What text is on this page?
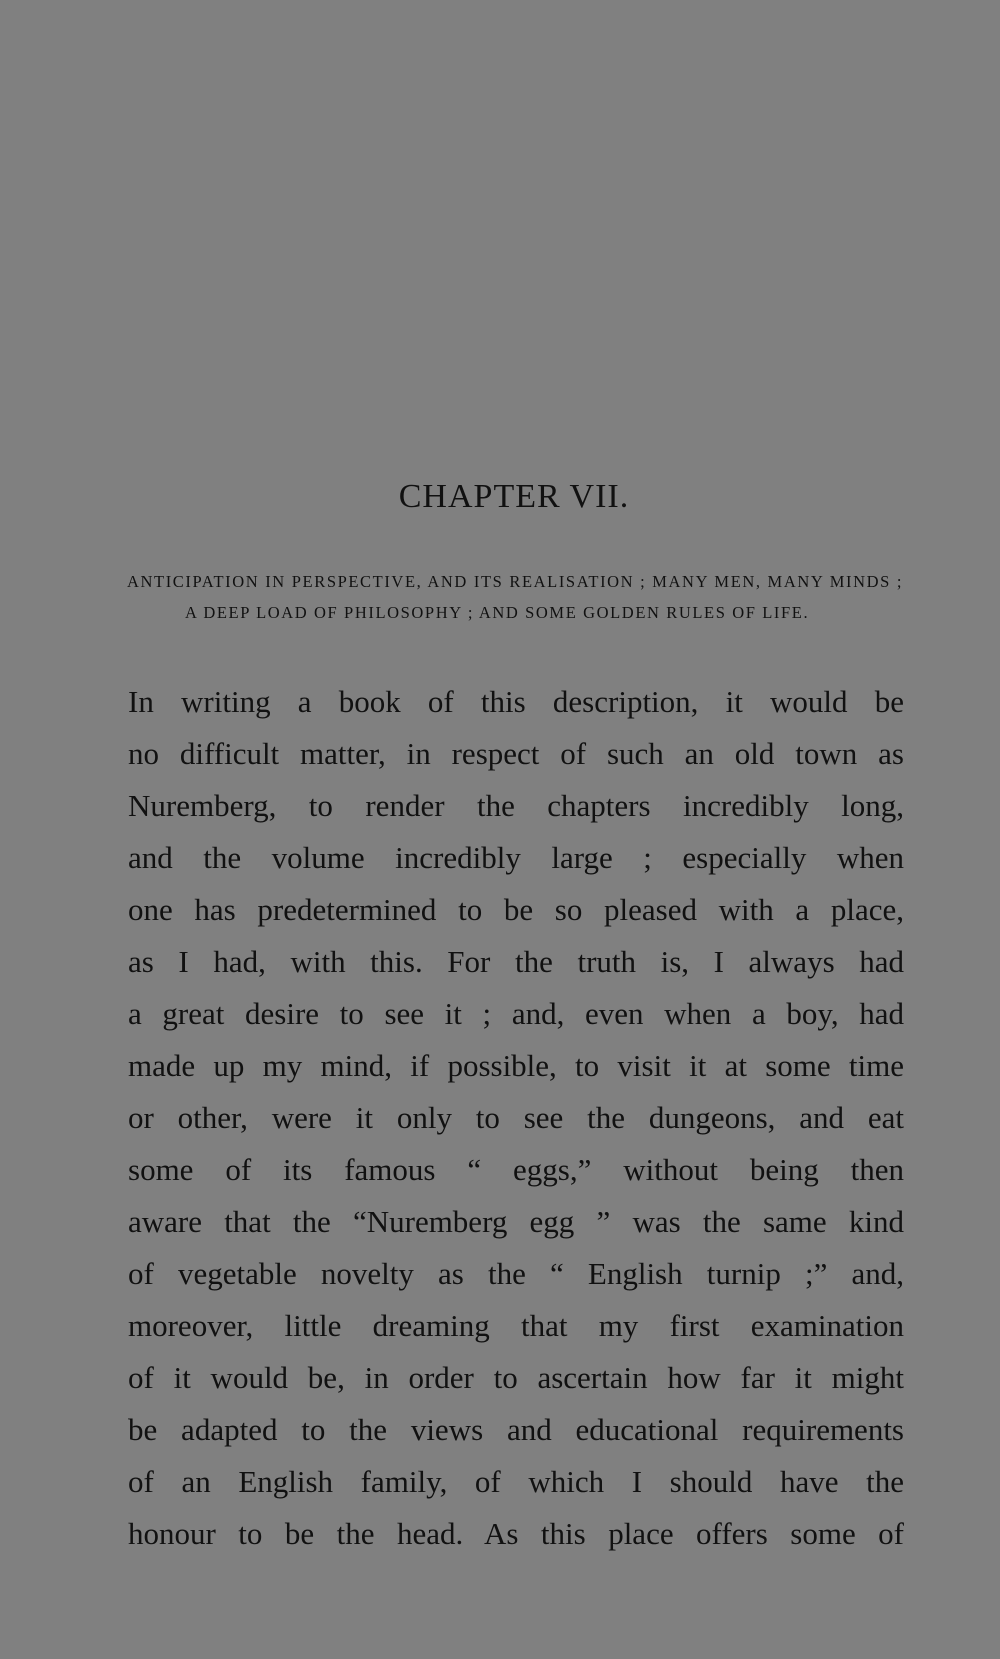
CHAPTER VII.

ANTICIPATION IN PERSPECTIVE, AND ITS REALISATION ; MANY MEN, MANY MINDS ; A DEEP LOAD OF PHILOSOPHY ; AND SOME GOLDEN RULES OF LIFE.

In writing a book of this description, it would be
no difficult matter, in respect of such an old town as
Nuremberg, to render the chapters incredibly long,
and the volume incredibly large ; especially when
one has predetermined to be so pleased with a place,
as I had, with this. For the truth is, I always had
a great desire to see it ; and, even when a boy, had
made up my mind, if possible, to visit it at some time
or other, were it only to see the dungeons, and eat
some of its famous “ eggs,” without being then
aware that the “Nuremberg egg ” was the same kind
of vegetable novelty as the “ English turnip ;” and,
moreover, little dreaming that my first examination
of it would be, in order to ascertain how far it might
be adapted to the views and educational requirements
of an English family, of which I should have the
honour to be the head. As this place offers some of
